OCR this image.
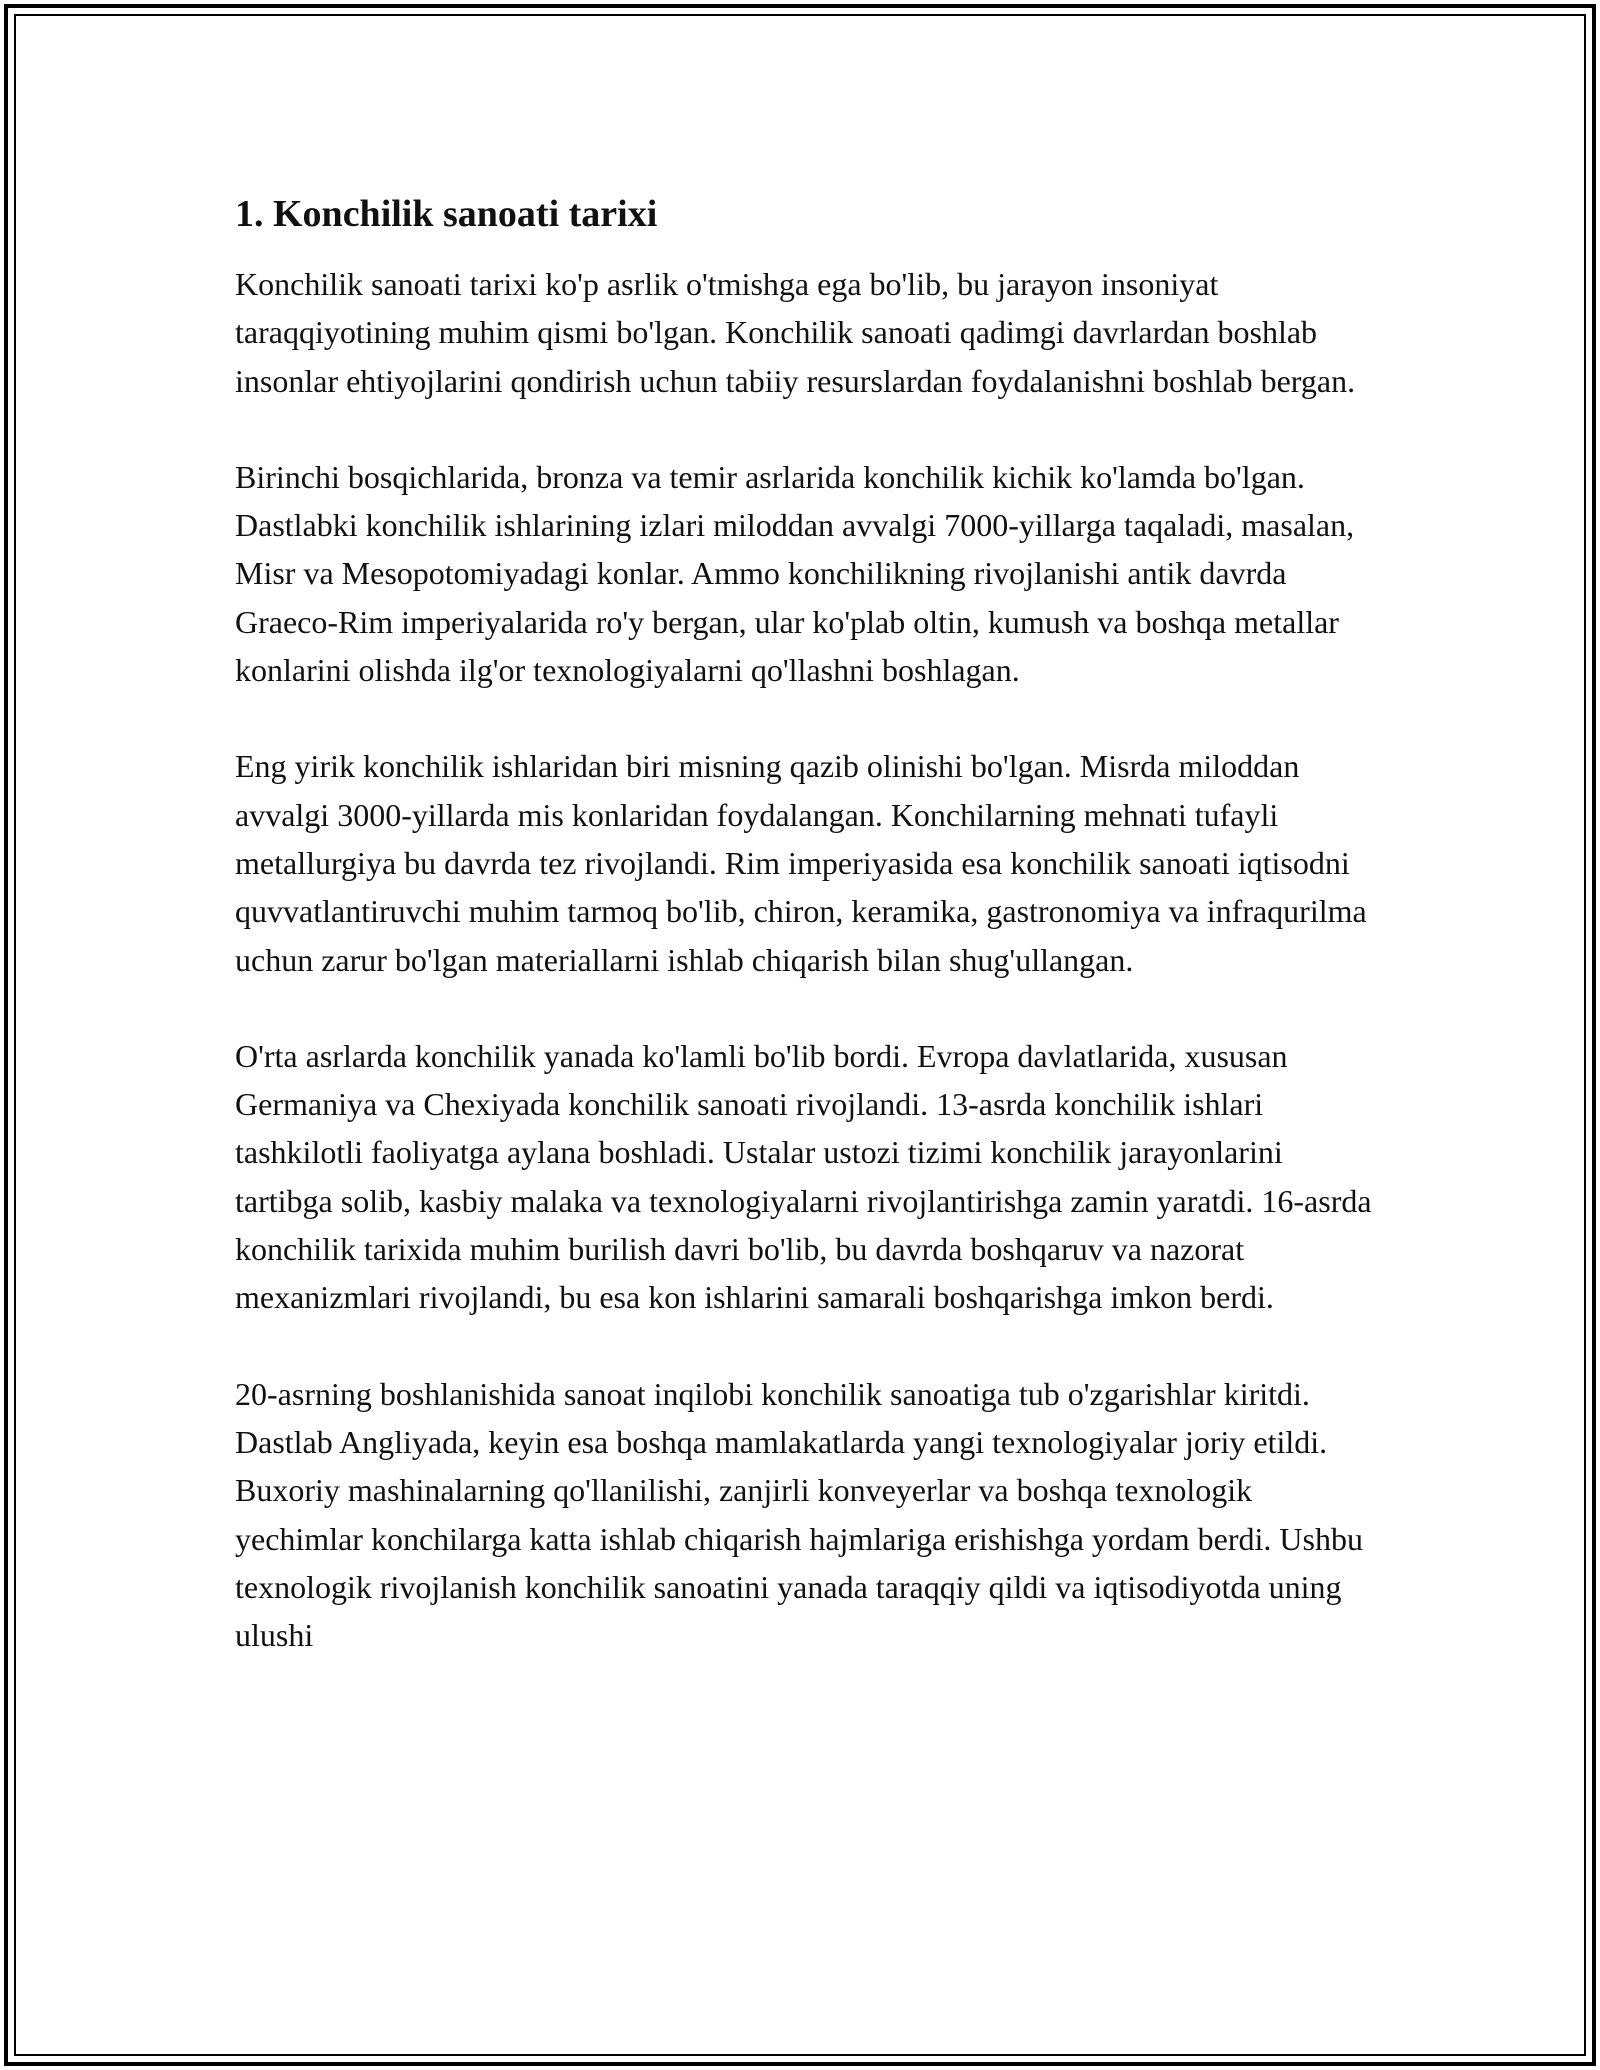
1. Konchilik sanoati tarixi

Konchilik sanoati tarixi ko'p asrlik o'tmishga ega bo'lib, bu jarayon insoniyat taraqqiyotining muhim qismi bo'lgan. Konchilik sanoati qadimgi davrlardan boshlab insonlar ehtiyojlarini qondirish uchun tabiiy resurslardan foydalanishni boshlab bergan.

Birinchi bosqichlarida, bronza va temir asrlarida konchilik kichik ko'lamda bo'lgan. Dastlabki konchilik ishlarining izlari miloddan avvalgi 7000-yillarga taqaladi, masalan, Misr va Mesopotomiyadagi konlar. Ammo konchilikning rivojlanishi antik davrda Graeco-Rim imperiyalarida ro'y bergan, ular ko'plab oltin, kumush va boshqa metallar konlarini olishda ilg'or texnologiyalarni qo'llashni boshlagan.

Eng yirik konchilik ishlaridan biri misning qazib olinishi bo'lgan. Misrda miloddan avvalgi 3000-yillarda mis konlaridan foydalangan. Konchilarning mehnati tufayli metallurgiya bu davrda tez rivojlandi. Rim imperiyasida esa konchilik sanoati iqtisodni quvvatlantiruvchi muhim tarmoq bo'lib, chiron, keramika, gastronomiya va infraqurilma uchun zarur bo'lgan materiallarni ishlab chiqarish bilan shug'ullangan.

O'rta asrlarda konchilik yanada ko'lamli bo'lib bordi. Evropa davlatlarida, xususan Germaniya va Chexiyada konchilik sanoati rivojlandi. 13-asrda konchilik ishlari tashkilotli faoliyatga aylana boshladi. Ustalar ustozi tizimi konchilik jarayonlarini tartibga solib, kasbiy malaka va texnologiyalarni rivojlantirishga zamin yaratdi. 16-asrda konchilik tarixida muhim burilish davri bo'lib, bu davrda boshqaruv va nazorat mexanizmlari rivojlandi, bu esa kon ishlarini samarali boshqarishga imkon berdi.

20-asrning boshlanishida sanoat inqilobi konchilik sanoatiga tub o'zgarishlar kiritdi. Dastlab Angliyada, keyin esa boshqa mamlakatlarda yangi texnologiyalar joriy etildi. Buxoriy mashinalarning qo'llanilishi, zanjirli konveyerlar va boshqa texnologik yechimlar konchilarga katta ishlab chiqarish hajmlariga erishishga yordam berdi. Ushbu texnologik rivojlanish konchilik sanoatini yanada taraqqiy qildi va iqtisodiyotda uning ulushi
